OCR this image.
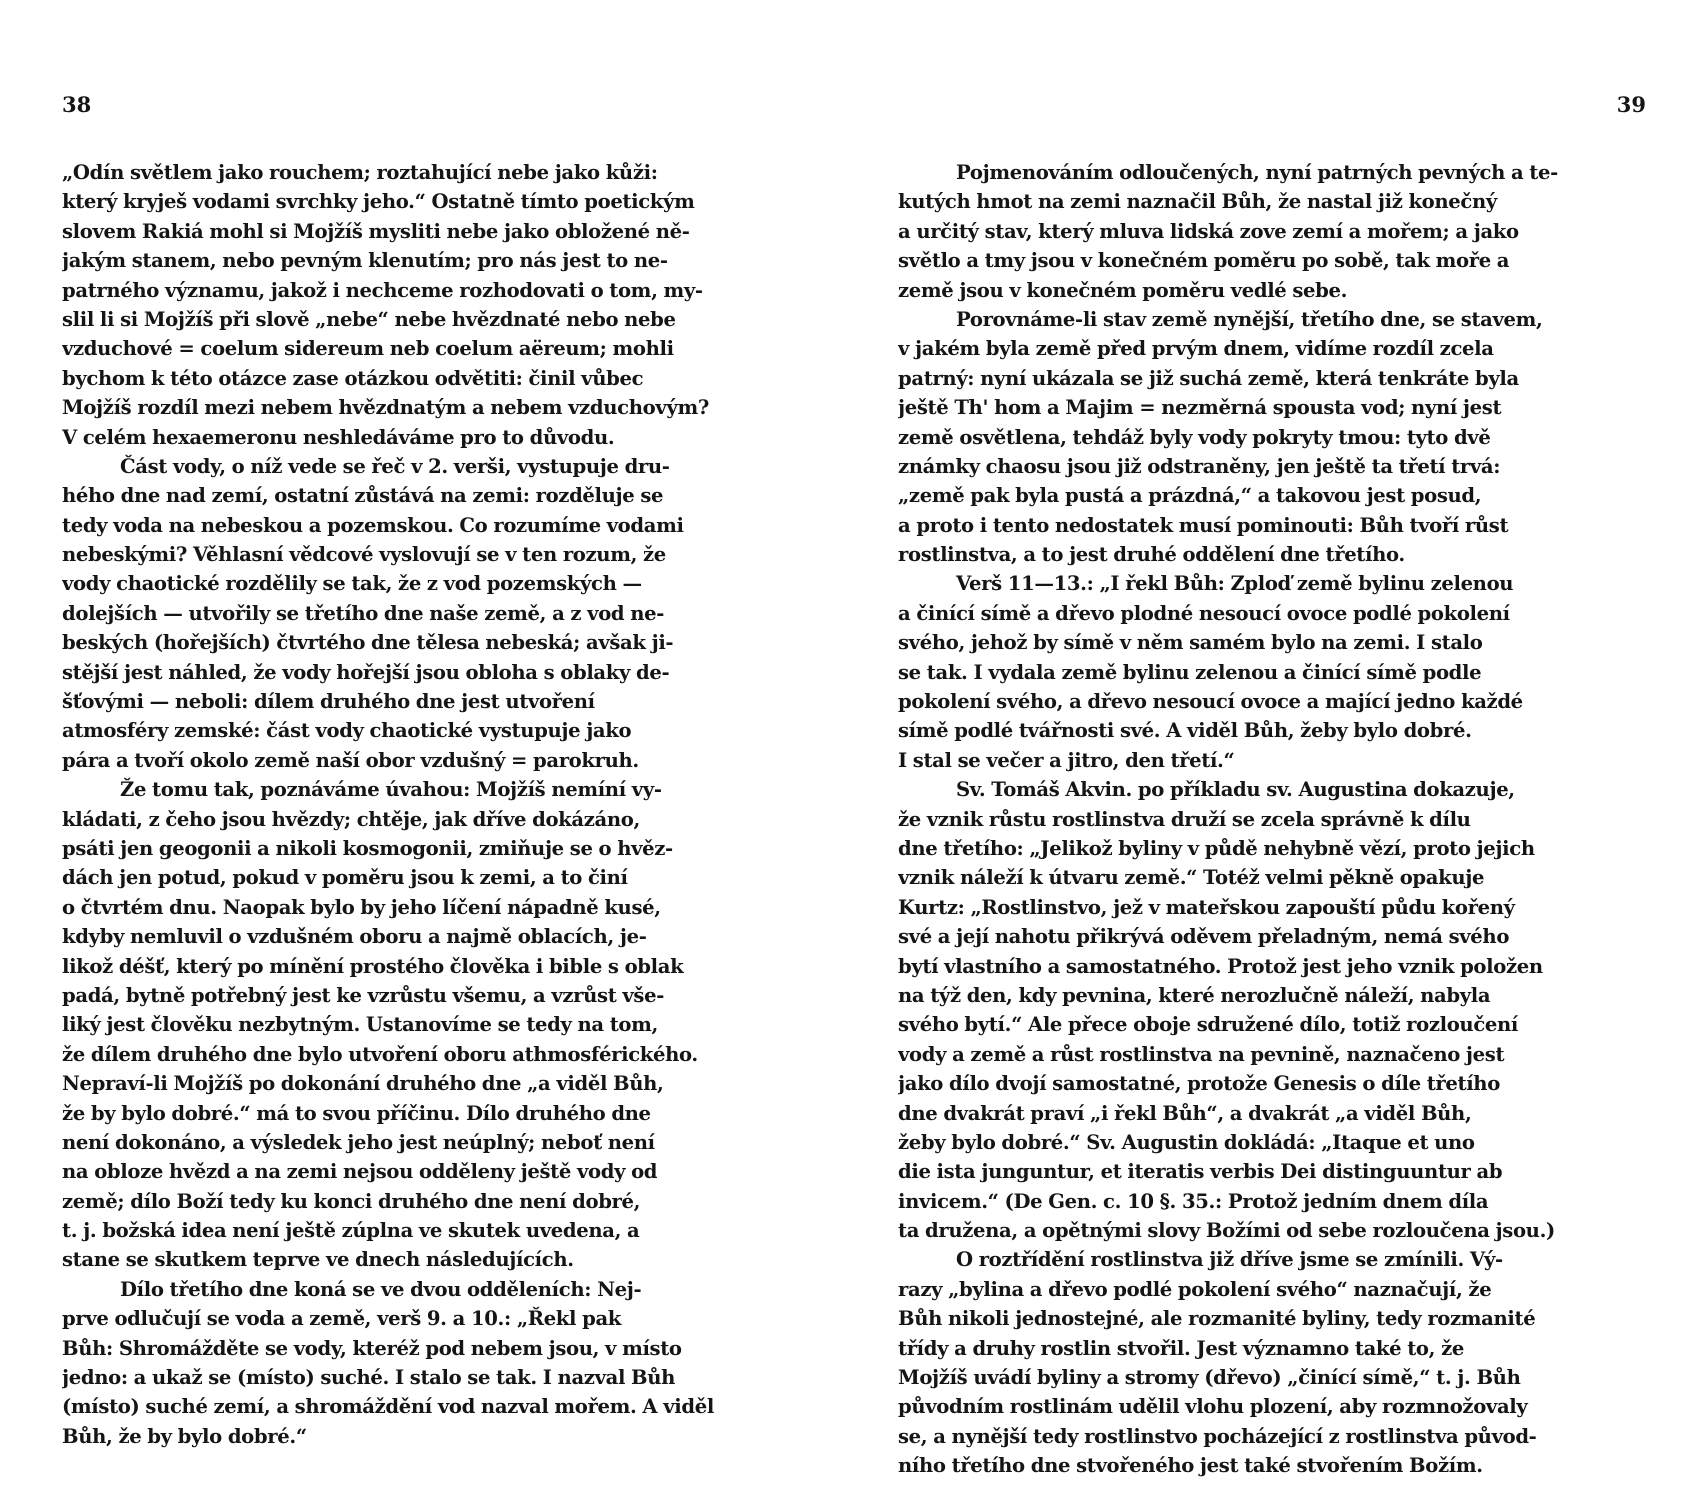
38
„Odín světlem jako rouchem; roztahující nebe jako kůži:
který kryješ vodami svrchky jeho.“ Ostatně tímto poetickým
slovem Rakiá mohl si Mojžíš mysliti nebe jako obložené ně-
jakým stanem, nebo pevným klenutím; pro nás jest to ne-
patrného významu, jakož i nechceme rozhodovati o tom, my-
slil li si Mojžíš při slově „nebe“ nebe hvězdnaté nebo nebe
vzduchové = coelum sidereum neb coelum aëreum; mohli
bychom k této otázce zase otázkou odvětiti: činil vůbec
Mojžíš rozdíl mezi nebem hvězdnatým a nebem vzduchovým?
V celém hexaemeronu neshledáváme pro to důvodu.
Část vody, o níž vede se řeč v 2. verši, vystupuje dru-
hého dne nad zemí, ostatní zůstává na zemi: rozděluje se
tedy voda na nebeskou a pozemskou. Co rozumíme vodami
nebeskými? Věhlasní vědcové vyslovují se v ten rozum, že
vody chaotické rozdělily se tak, že z vod pozemských —
dolejších — utvořily se třetího dne naše země, a z vod ne-
beských (hořejších) čtvrtého dne tělesa nebeská; avšak ji-
stější jest náhled, že vody hořejší jsou obloha s oblaky de-
šťovými — neboli: dílem druhého dne jest utvoření
atmosféry zemské: část vody chaotické vystupuje jako
pára a tvoří okolo země naší obor vzdušný = parokruh.
Že tomu tak, poznáváme úvahou: Mojžíš nemíní vy-
kládati, z čeho jsou hvězdy; chtěje, jak dříve dokázáno,
psáti jen geogonii a nikoli kosmogonii, zmiňuje se o hvěz-
dách jen potud, pokud v poměru jsou k zemi, a to činí
o čtvrtém dnu. Naopak bylo by jeho líčení nápadně kusé,
kdyby nemluvil o vzdušném oboru a najmě oblacích, je-
likož déšť, který po mínění prostého člověka i bible s oblak
padá, bytně potřebný jest ke vzrůstu všemu, a vzrůst vše-
liký jest člověku nezbytným. Ustanovíme se tedy na tom,
že dílem druhého dne bylo utvoření oboru athmosférického.
Nepraví-li Mojžíš po dokonání druhého dne „a viděl Bůh,
že by bylo dobré.“ má to svou příčinu. Dílo druhého dne
není dokonáno, a výsledek jeho jest neúplný; neboť není
na obloze hvězd a na zemi nejsou odděleny ještě vody od
země; dílo Boží tedy ku konci druhého dne není dobré,
t. j. božská idea není ještě zúplna ve skutek uvedena, a
stane se skutkem teprve ve dnech následujících.
Dílo třetího dne koná se ve dvou odděleních: Nej-
prve odlučují se voda a země, verš 9. a 10.: „Řekl pak
Bůh: Shromážděte se vody, kteréž pod nebem jsou, v místo
jedno: a ukaž se (místo) suché. I stalo se tak. I nazval Bůh
(místo) suché zemí, a shromáždění vod nazval mořem. A viděl
Bůh, že by bylo dobré.“
39
Pojmenováním odloučených, nyní patrných pevných a te-
kutých hmot na zemi naznačil Bůh, že nastal již konečný
a určitý stav, který mluva lidská zove zemí a mořem; a jako
světlo a tmy jsou v konečném poměru po sobě, tak moře a
země jsou v konečném poměru vedlé sebe.
Porovnáme-li stav země nynější, třetího dne, se stavem,
v jakém byla země před prvým dnem, vidíme rozdíl zcela
patrný: nyní ukázala se již suchá země, která tenkráte byla
ještě Th' hom a Majim = nezměrná spousta vod; nyní jest
země osvětlena, tehdáž byly vody pokryty tmou: tyto dvě
známky chaosu jsou již odstraněny, jen ještě ta třetí trvá:
„země pak byla pustá a prázdná,“ a takovou jest posud,
a proto i tento nedostatek musí pominouti: Bůh tvoří růst
rostlinstva, a to jest druhé oddělení dne třetího.
Verš 11—13.: „I řekl Bůh: Zploď země bylinu zelenou
a činící símě a dřevo plodné nesoucí ovoce podlé pokolení
svého, jehož by símě v něm samém bylo na zemi. I stalo
se tak. I vydala země bylinu zelenou a činící símě podle
pokolení svého, a dřevo nesoucí ovoce a mající jedno každé
símě podlé tvářnosti své. A viděl Bůh, žeby bylo dobré.
I stal se večer a jitro, den třetí.“
Sv. Tomáš Akvin. po příkladu sv. Augustina dokazuje,
že vznik růstu rostlinstva druží se zcela správně k dílu
dne třetího: „Jelikož byliny v půdě nehybně vězí, proto jejich
vznik náleží k útvaru země.“ Totéž velmi pěkně opakuje
Kurtz: „Rostlinstvo, jež v mateřskou zapouští půdu kořený
své a její nahotu přikrývá oděvem přeladným, nemá svého
bytí vlastního a samostatného. Protož jest jeho vznik položen
na týž den, kdy pevnina, které nerozlučně náleží, nabyla
svého bytí.“ Ale přece oboje sdružené dílo, totiž rozloučení
vody a země a růst rostlinstva na pevnině, naznačeno jest
jako dílo dvojí samostatné, protože Genesis o díle třetího
dne dvakrát praví „i řekl Bůh“, a dvakrát „a viděl Bůh,
žeby bylo dobré.“ Sv. Augustin dokládá: „Itaque et uno
die ista junguntur, et iteratis verbis Dei distinguuntur ab
invicem.“ (De Gen. c. 10 §. 35.: Protož jedním dnem díla
ta družena, a opětnými slovy Božími od sebe rozloučena jsou.)
O roztřídění rostlinstva již dříve jsme se zmínili. Vý-
razy „bylina a dřevo podlé pokolení svého“ naznačují, že
Bůh nikoli jednostejné, ale rozmanité byliny, tedy rozmanité
třídy a druhy rostlin stvořil. Jest významno také to, že
Mojžíš uvádí byliny a stromy (dřevo) „činící símě,“ t. j. Bůh
původním rostlinám udělil vlohu plození, aby rozmnožovaly
se, a nynější tedy rostlinstvo pocházející z rostlinstva původ-
ního třetího dne stvořeného jest také stvořením Božím.
